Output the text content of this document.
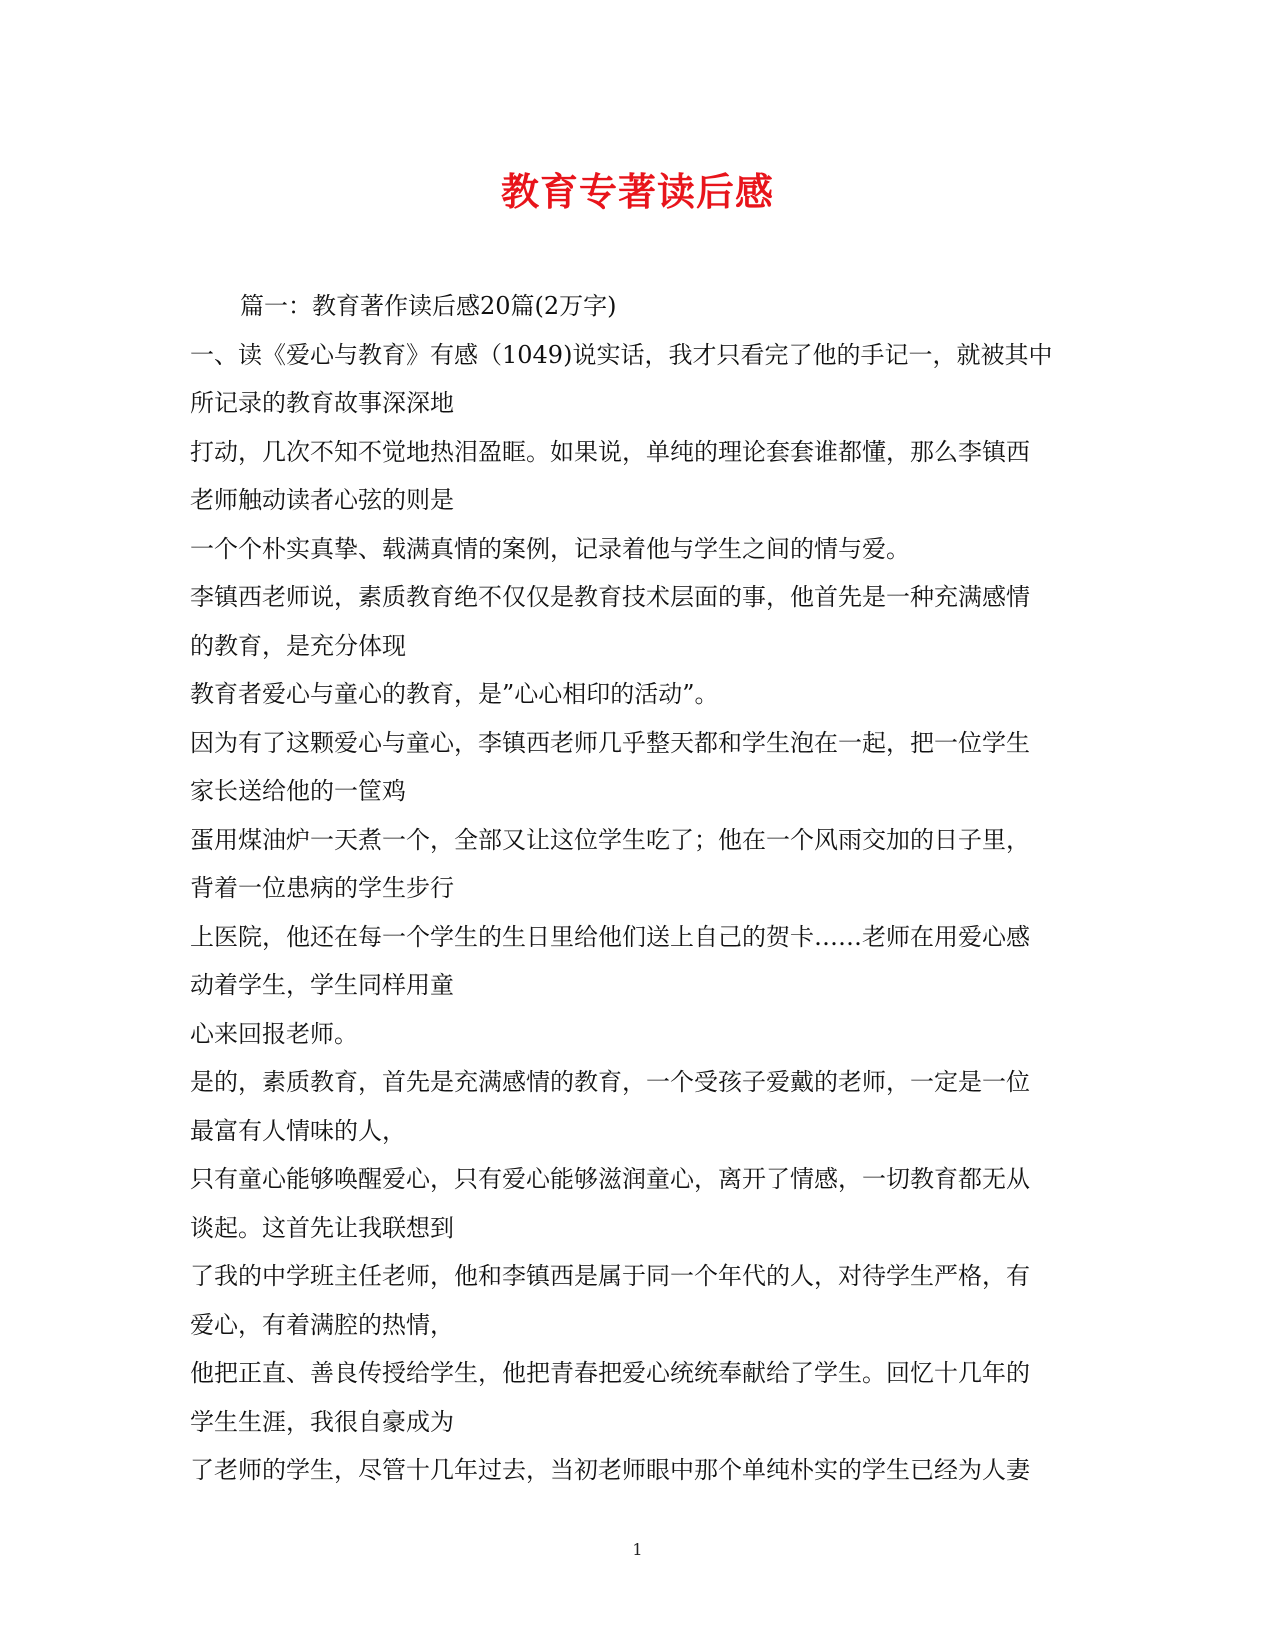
教育专著读后感
篇一：教育著作读后感20篇(2万字)
一、读《爱心与教育》有感（1049)说实话，我才只看完了他的手记一，就被其中
所记录的教育故事深深地
打动，几次不知不觉地热泪盈眶。如果说，单纯的理论套套谁都懂，那么李镇西
老师触动读者心弦的则是
一个个朴实真挚、载满真情的案例，记录着他与学生之间的情与爱。
李镇西老师说，素质教育绝不仅仅是教育技术层面的事，他首先是一种充满感情
的教育，是充分体现
教育者爱心与童心的教育，是”心心相印的活动”。
因为有了这颗爱心与童心，李镇西老师几乎整天都和学生泡在一起，把一位学生
家长送给他的一筐鸡
蛋用煤油炉一天煮一个，全部又让这位学生吃了；他在一个风雨交加的日子里，
背着一位患病的学生步行
上医院，他还在每一个学生的生日里给他们送上自己的贺卡……老师在用爱心感
动着学生，学生同样用童
心来回报老师。
是的，素质教育，首先是充满感情的教育，一个受孩子爱戴的老师，一定是一位
最富有人情味的人，
只有童心能够唤醒爱心，只有爱心能够滋润童心，离开了情感，一切教育都无从
谈起。这首先让我联想到
了我的中学班主任老师，他和李镇西是属于同一个年代的人，对待学生严格，有
爱心，有着满腔的热情，
他把正直、善良传授给学生，他把青春把爱心统统奉献给了学生。回忆十几年的
学生生涯，我很自豪成为
了老师的学生，尽管十几年过去，当初老师眼中那个单纯朴实的学生已经为人妻
1
